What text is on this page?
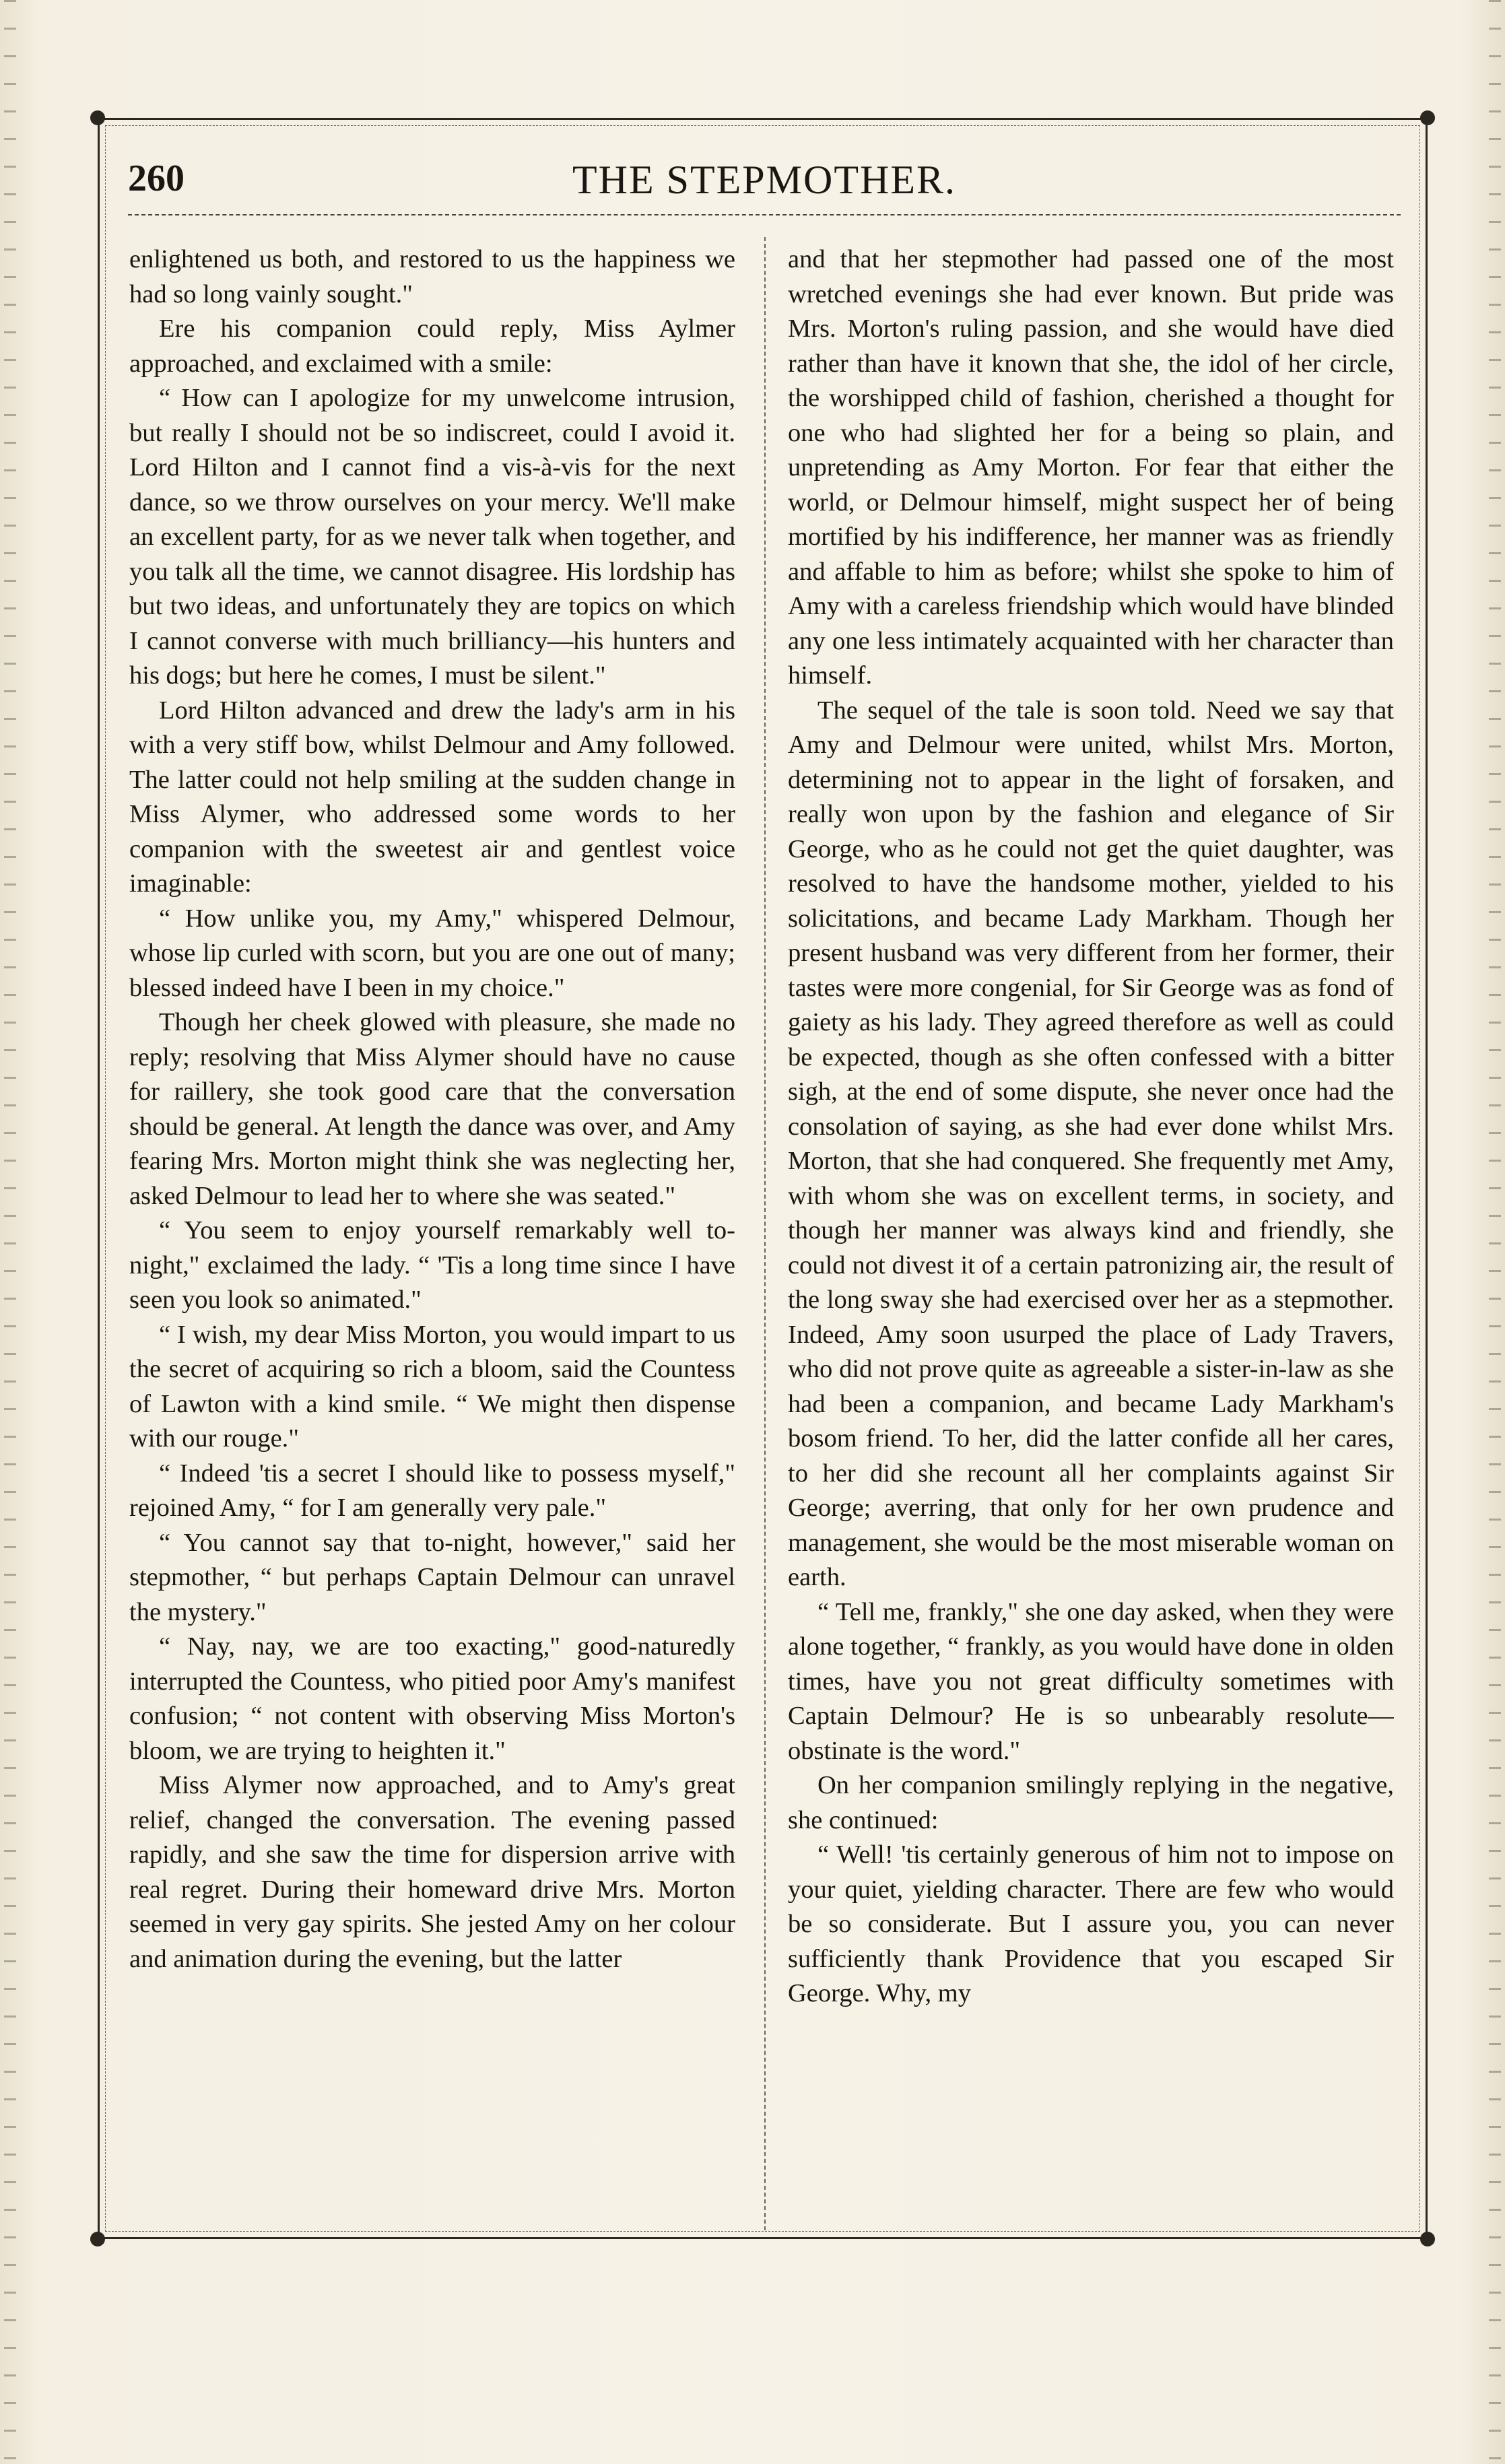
260	THE STEPMOTHER.

enlightened us both, and restored to us the happiness we had so long vainly sought."

Ere his companion could reply, Miss Aylmer approached, and exclaimed with a smile:

“ How can I apologize for my unwelcome intrusion, but really I should not be so indiscreet, could I avoid it. Lord Hilton and I cannot find a vis-à-vis for the next dance, so we throw ourselves on your mercy. We'll make an excellent party, for as we never talk when together, and you talk all the time, we cannot disagree. His lordship has but two ideas, and unfortunately they are topics on which I cannot converse with much brilliancy—his hunters and his dogs; but here he comes, I must be silent."

Lord Hilton advanced and drew the lady's arm in his with a very stiff bow, whilst Delmour and Amy followed. The latter could not help smiling at the sudden change in Miss Alymer, who addressed some words to her companion with the sweetest air and gentlest voice imaginable:

“ How unlike you, my Amy," whispered Delmour, whose lip curled with scorn, but you are one out of many; blessed indeed have I been in my choice."

Though her cheek glowed with pleasure, she made no reply; resolving that Miss Alymer should have no cause for raillery, she took good care that the conversation should be general. At length the dance was over, and Amy fearing Mrs. Morton might think she was neglecting her, asked Delmour to lead her to where she was seated."

“ You seem to enjoy yourself remarkably well to-night," exclaimed the lady. “ 'Tis a long time since I have seen you look so animated."

“ I wish, my dear Miss Morton, you would impart to us the secret of acquiring so rich a bloom, said the Countess of Lawton with a kind smile. “ We might then dispense with our rouge."

“ Indeed 'tis a secret I should like to possess myself," rejoined Amy, “ for I am generally very pale."

“ You cannot say that to-night, however," said her stepmother, “ but perhaps Captain Delmour can unravel the mystery."

“ Nay, nay, we are too exacting," good-naturedly interrupted the Countess, who pitied poor Amy's manifest confusion; “ not content with observing Miss Morton's bloom, we are trying to heighten it."

Miss Alymer now approached, and to Amy's great relief, changed the conversation. The evening passed rapidly, and she saw the time for dispersion arrive with real regret. During their homeward drive Mrs. Morton seemed in very gay spirits. She jested Amy on her colour and animation during the evening, but the latter

and that her stepmother had passed one of the most wretched evenings she had ever known. But pride was Mrs. Morton's ruling passion, and she would have died rather than have it known that she, the idol of her circle, the worshipped child of fashion, cherished a thought for one who had slighted her for a being so plain, and unpretending as Amy Morton. For fear that either the world, or Delmour himself, might suspect her of being mortified by his indifference, her manner was as friendly and affable to him as before; whilst she spoke to him of Amy with a careless friendship which would have blinded any one less intimately acquainted with her character than himself.

The sequel of the tale is soon told. Need we say that Amy and Delmour were united, whilst Mrs. Morton, determining not to appear in the light of forsaken, and really won upon by the fashion and elegance of Sir George, who as he could not get the quiet daughter, was resolved to have the handsome mother, yielded to his solicitations, and became Lady Markham. Though her present husband was very different from her former, their tastes were more congenial, for Sir George was as fond of gaiety as his lady. They agreed therefore as well as could be expected, though as she often confessed with a bitter sigh, at the end of some dispute, she never once had the consolation of saying, as she had ever done whilst Mrs. Morton, that she had conquered. She frequently met Amy, with whom she was on excellent terms, in society, and though her manner was always kind and friendly, she could not divest it of a certain patronizing air, the result of the long sway she had exercised over her as a stepmother. Indeed, Amy soon usurped the place of Lady Travers, who did not prove quite as agreeable a sister-in-law as she had been a companion, and became Lady Markham's bosom friend. To her, did the latter confide all her cares, to her did she recount all her complaints against Sir George; averring, that only for her own prudence and management, she would be the most miserable woman on earth.

“ Tell me, frankly," she one day asked, when they were alone together, “ frankly, as you would have done in olden times, have you not great difficulty sometimes with Captain Delmour? He is so unbearably resolute—obstinate is the word."

On her companion smilingly replying in the negative, she continued:

“ Well! 'tis certainly generous of him not to impose on your quiet, yielding character. There are few who would be so considerate. But I assure you, you can never sufficiently thank Providence that you escaped Sir George. Why, my
